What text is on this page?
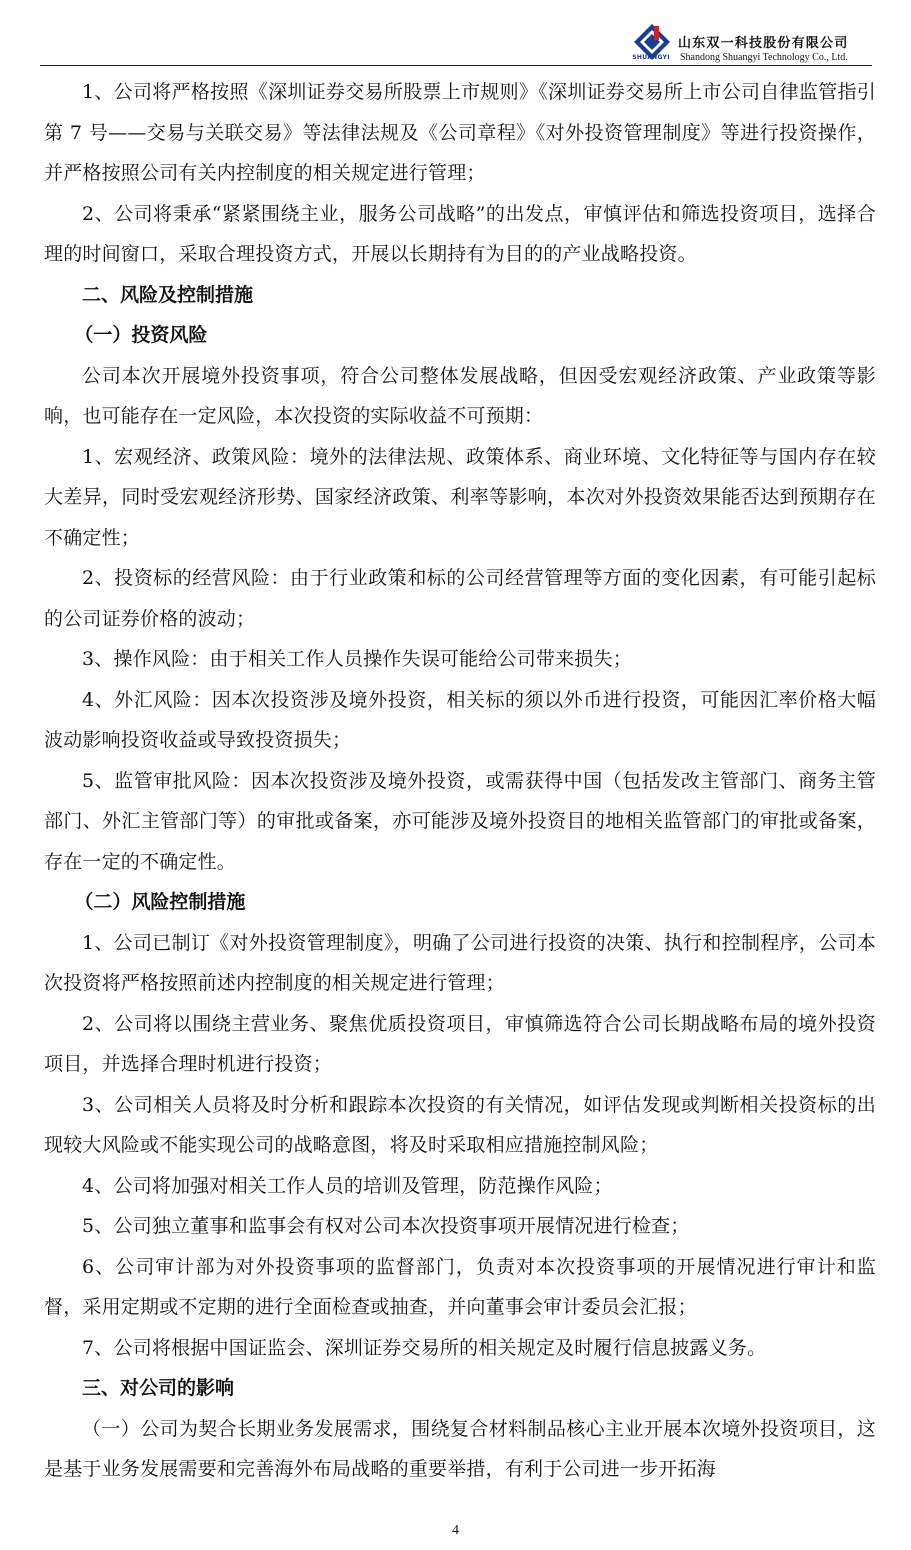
SHUANGYI
山东双一科技股份有限公司
Shandong Shuangyi Technology Co., Ltd.

1、公司将严格按照《深圳证券交易所股票上市规则》《深圳证券交易所上市公司自律监管指引第 7 号——交易与关联交易》等法律法规及《公司章程》《对外投资管理制度》等进行投资操作，并严格按照公司有关内控制度的相关规定进行管理；

2、公司将秉承“紧紧围绕主业，服务公司战略”的出发点，审慎评估和筛选投资项目，选择合理的时间窗口，采取合理投资方式，开展以长期持有为目的的产业战略投资。

二、风险及控制措施

（一）投资风险

公司本次开展境外投资事项，符合公司整体发展战略，但因受宏观经济政策、产业政策等影响，也可能存在一定风险，本次投资的实际收益不可预期：

1、宏观经济、政策风险：境外的法律法规、政策体系、商业环境、文化特征等与国内存在较大差异，同时受宏观经济形势、国家经济政策、利率等影响，本次对外投资效果能否达到预期存在不确定性；

2、投资标的经营风险：由于行业政策和标的公司经营管理等方面的变化因素，有可能引起标的公司证券价格的波动；

3、操作风险：由于相关工作人员操作失误可能给公司带来损失；

4、外汇风险：因本次投资涉及境外投资，相关标的须以外币进行投资，可能因汇率价格大幅波动影响投资收益或导致投资损失；

5、监管审批风险：因本次投资涉及境外投资，或需获得中国（包括发改主管部门、商务主管部门、外汇主管部门等）的审批或备案，亦可能涉及境外投资目的地相关监管部门的审批或备案，存在一定的不确定性。

（二）风险控制措施

1、公司已制订《对外投资管理制度》，明确了公司进行投资的决策、执行和控制程序，公司本次投资将严格按照前述内控制度的相关规定进行管理；

2、公司将以围绕主营业务、聚焦优质投资项目，审慎筛选符合公司长期战略布局的境外投资项目，并选择合理时机进行投资；

3、公司相关人员将及时分析和跟踪本次投资的有关情况，如评估发现或判断相关投资标的出现较大风险或不能实现公司的战略意图，将及时采取相应措施控制风险；

4、公司将加强对相关工作人员的培训及管理，防范操作风险；

5、公司独立董事和监事会有权对公司本次投资事项开展情况进行检查；

6、公司审计部为对外投资事项的监督部门，负责对本次投资事项的开展情况进行审计和监督，采用定期或不定期的进行全面检查或抽查，并向董事会审计委员会汇报；

7、公司将根据中国证监会、深圳证券交易所的相关规定及时履行信息披露义务。

三、对公司的影响

（一）公司为契合长期业务发展需求，围绕复合材料制品核心主业开展本次境外投资项目，这是基于业务发展需要和完善海外布局战略的重要举措，有利于公司进一步开拓海

4
